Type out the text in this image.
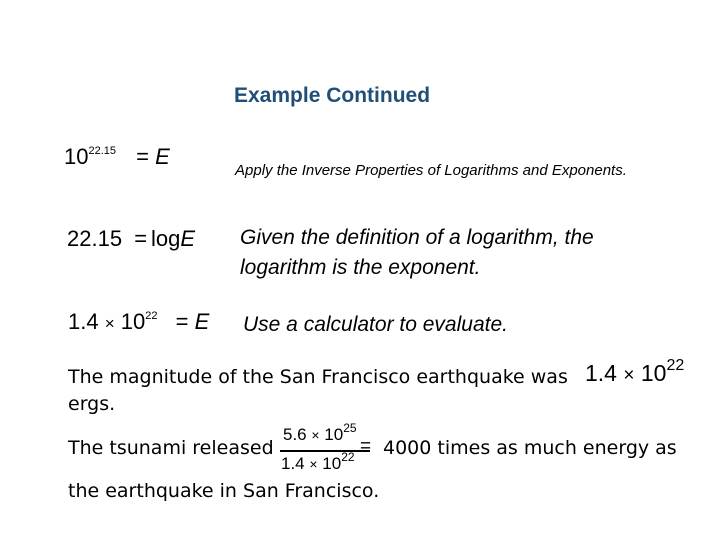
Example Continued
$10^{22.15} = E$
Apply the Inverse Properties of Logarithms and Exponents.
22.15 = logE Given the definition of a logarithm, the logarithm is the exponent.
$1.4 \times 10^{22} = E$ Use a calculator to evaluate.
The magnitude of the San Francisco earthquake was $1.4 \times 10^{22}$
ergs.
The tsunami released
$5.6 \times 10^{25}$
$1.4 \times 10^{22}$
= 4000 times as much energy as
the earthquake in San Francisco.
